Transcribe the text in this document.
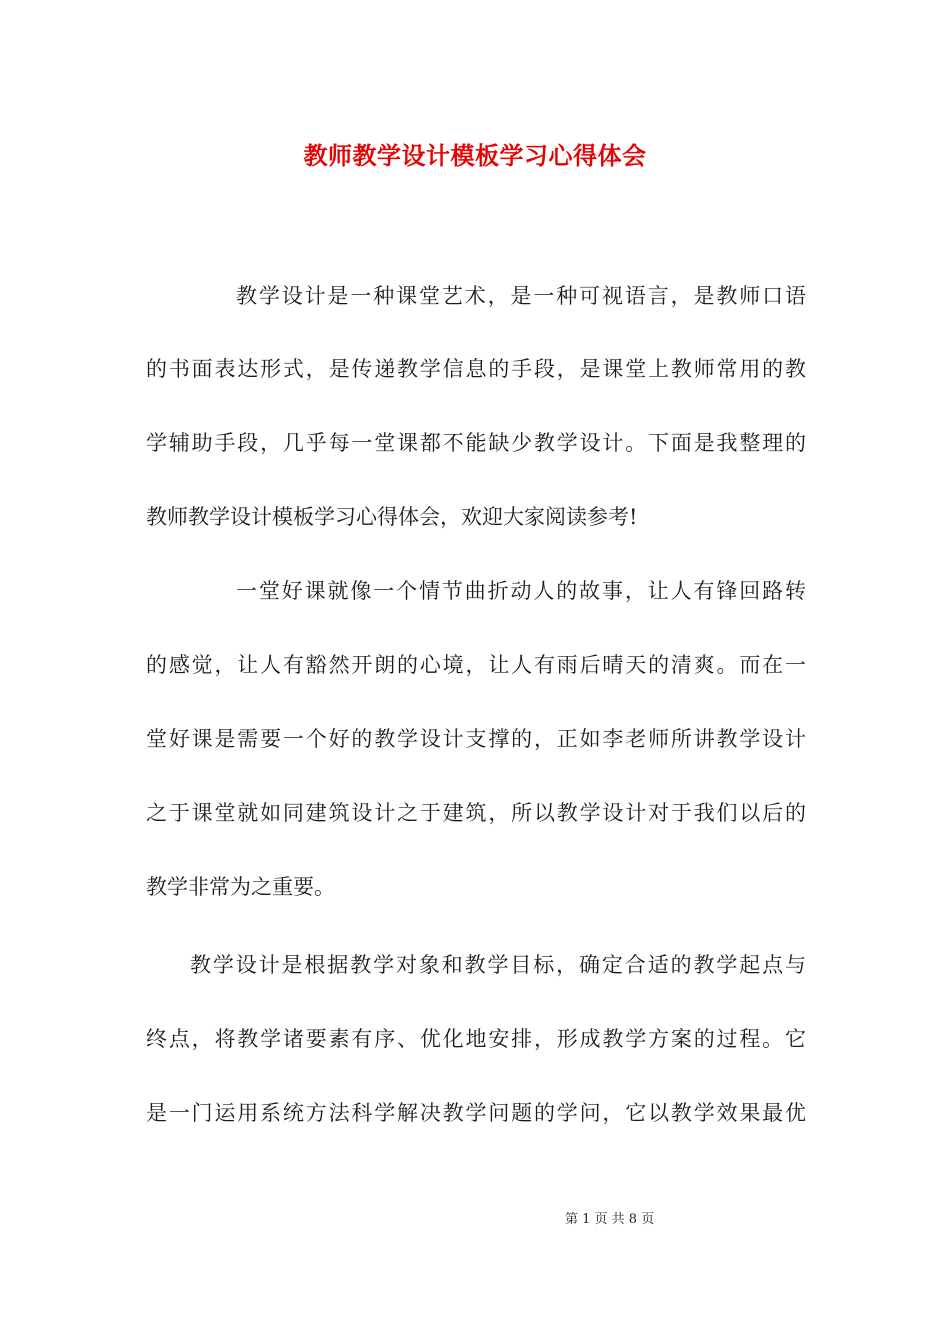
教师教学设计模板学习心得体会
教学设计是一种课堂艺术，是一种可视语言，是教师口语
的书面表达形式，是传递教学信息的手段，是课堂上教师常用的教
学辅助手段，几乎每一堂课都不能缺少教学设计。下面是我整理的
教师教学设计模板学习心得体会，欢迎大家阅读参考!
一堂好课就像一个情节曲折动人的故事，让人有锋回路转
的感觉，让人有豁然开朗的心境，让人有雨后晴天的清爽。而在一
堂好课是需要一个好的教学设计支撑的，正如李老师所讲教学设计
之于课堂就如同建筑设计之于建筑，所以教学设计对于我们以后的
教学非常为之重要。
教学设计是根据教学对象和教学目标，确定合适的教学起点与
终点，将教学诸要素有序、优化地安排，形成教学方案的过程。它
是一门运用系统方法科学解决教学问题的学问，它以教学效果最优
第 1 页 共 8 页
